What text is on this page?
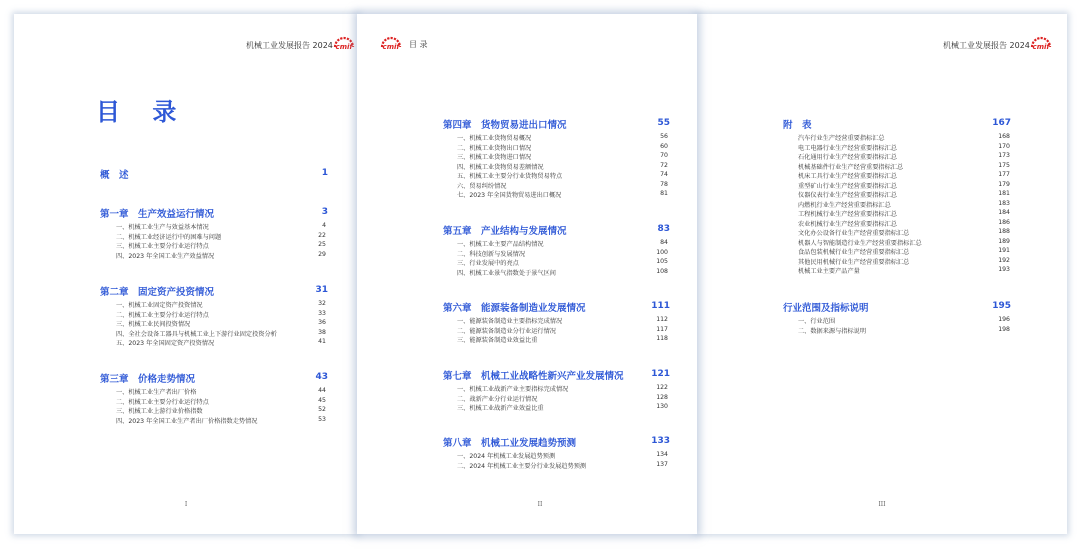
机械工业发展报告 2024 cmif
目 录
概　述	1
第一章　生产效益运行情况	3
一、机械工业生产与效益基本情况	4
二、机械工业经济运行中的困难与问题	22
三、机械工业主要分行业运行特点	25
四、2023 年全国工业生产效益情况	29
第二章　固定资产投资情况	31
一、机械工业固定资产投资情况	32
二、机械工业主要分行业运行特点	33
三、机械工业民间投资情况	36
四、全社会设备工器具与机械工业上下游行业固定投资分析	38
五、2023 年全国固定资产投资情况	41
第三章　价格走势情况	43
一、机械工业生产者出厂价格	44
二、机械工业主要分行业运行特点	45
三、机械工业上游行业价格指数	52
四、2023 年全国工业生产者出厂价格指数走势情况	53
I
cmif 目 录
第四章　货物贸易进出口情况	55
一、机械工业货物贸易概况	56
二、机械工业货物出口情况	60
三、机械工业货物进口情况	70
四、机械工业货物贸易差额情况	72
五、机械工业主要分行业货物贸易特点	74
六、贸易纠纷情况	78
七、2023 年全国货物贸易进出口概况	81
第五章　产业结构与发展情况	83
一、机械工业主要产品结构情况	84
二、科技创新与发展情况	100
三、行业发展中的亮点	105
四、机械工业景气指数处于景气区间	108
第六章　能源装备制造业发展情况	111
一、能源装备制造业主要指标完成情况	112
二、能源装备制造业分行业运行情况	117
三、能源装备制造业效益比重	118
第七章　机械工业战略性新兴产业发展情况	121
一、机械工业战新产业主要指标完成情况	122
二、战新产业分行业运行情况	128
三、机械工业战新产业效益比重	130
第八章　机械工业发展趋势预测	133
一、2024 年机械工业发展趋势预测	134
二、2024 年机械工业主要分行业发展趋势预测	137
II
机械工业发展报告 2024 cmif
附　表	167
汽车行业生产经营重要指标汇总	168
电工电器行业生产经营重要指标汇总	170
石化通用行业生产经营重要指标汇总	173
机械基础件行业生产经营重要指标汇总	175
机床工具行业生产经营重要指标汇总	177
重型矿山行业生产经营重要指标汇总	179
仪器仪表行业生产经营重要指标汇总	181
内燃机行业生产经营重要指标汇总	183
工程机械行业生产经营重要指标汇总	184
农业机械行业生产经营重要指标汇总	186
文化办公设备行业生产经营重要指标汇总	188
机器人与智能制造行业生产经营重要指标汇总	189
食品包装机械行业生产经营重要指标汇总	191
其他民用机械行业生产经营重要指标汇总	192
机械工业主要产品产量	193
行业范围及指标说明	195
一、行业范围	196
二、数据来源与指标说明	198
III
